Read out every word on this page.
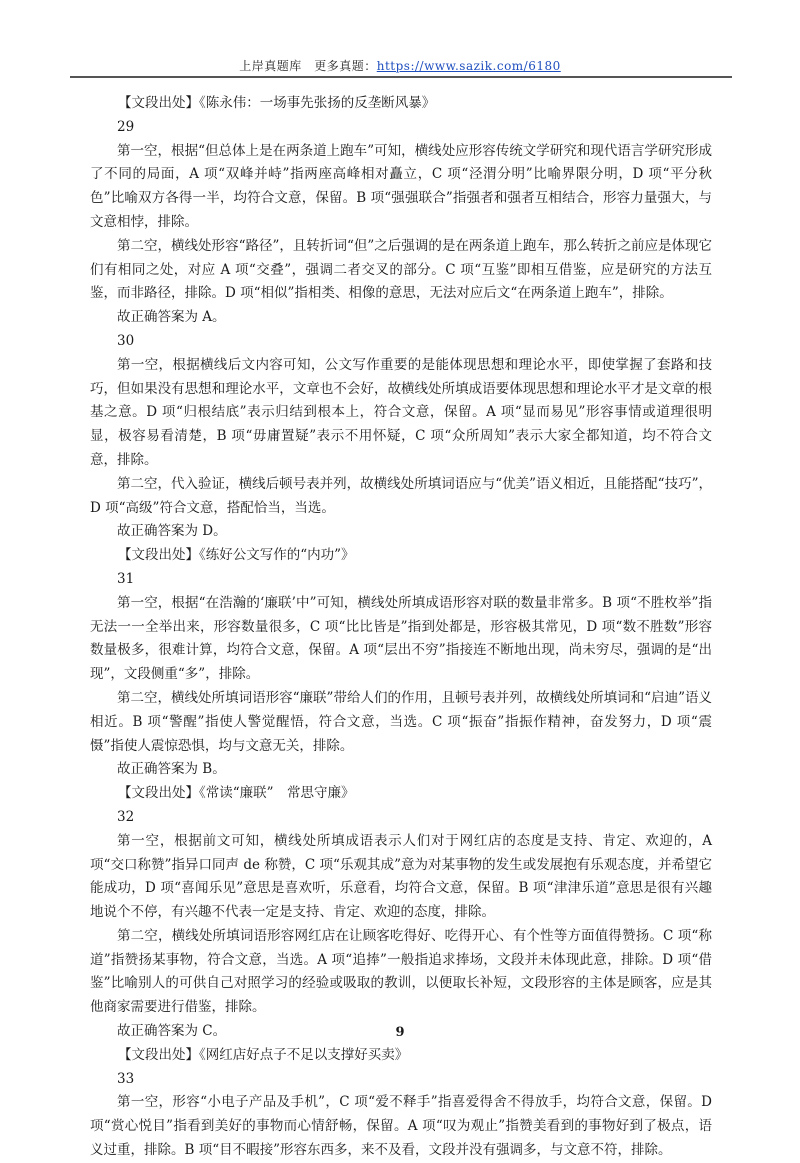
上岸真题库　更多真题：https://www.sazik.com/6180

【文段出处】《陈永伟：一场事先张扬的反垄断风暴》

29

第一空，根据“但总体上是在两条道上跑车”可知，横线处应形容传统文学研究和现代语言学研究形成了不同的局面，A 项“双峰并峙”指两座高峰相对矗立，C 项“泾渭分明”比喻界限分明，D 项“平分秋色”比喻双方各得一半，均符合文意，保留。B 项“强强联合”指强者和强者互相结合，形容力量强大，与文意相悖，排除。

第二空，横线处形容“路径”，且转折词“但”之后强调的是在两条道上跑车，那么转折之前应是体现它们有相同之处，对应 A 项“交叠”，强调二者交叉的部分。C 项“互鉴”即相互借鉴，应是研究的方法互鉴，而非路径，排除。D 项“相似”指相类、相像的意思，无法对应后文“在两条道上跑车”，排除。

故正确答案为 A。

30

第一空，根据横线后文内容可知，公文写作重要的是能体现思想和理论水平，即使掌握了套路和技巧，但如果没有思想和理论水平，文章也不会好，故横线处所填成语要体现思想和理论水平才是文章的根基之意。D 项“归根结底”表示归结到根本上，符合文意，保留。A 项“显而易见”形容事情或道理很明显，极容易看清楚，B 项“毋庸置疑”表示不用怀疑，C 项“众所周知”表示大家全都知道，均不符合文意，排除。

第二空，代入验证，横线后顿号表并列，故横线处所填词语应与“优美”语义相近，且能搭配“技巧”，D 项“高级”符合文意，搭配恰当，当选。

故正确答案为 D。

【文段出处】《练好公文写作的“内功”》

31

第一空，根据“在浩瀚的‘廉联’中”可知，横线处所填成语形容对联的数量非常多。B 项“不胜枚举”指无法一一全举出来，形容数量很多，C 项“比比皆是”指到处都是，形容极其常见，D 项“数不胜数”形容数量极多，很难计算，均符合文意，保留。A 项“层出不穷”指接连不断地出现，尚未穷尽，强调的是“出现”，文段侧重“多”，排除。

第二空，横线处所填词语形容“廉联”带给人们的作用，且顿号表并列，故横线处所填词和“启迪”语义相近。B 项“警醒”指使人警觉醒悟，符合文意，当选。C 项“振奋”指振作精神，奋发努力，D 项“震慑”指使人震惊恐惧，均与文意无关，排除。

故正确答案为 B。

【文段出处】《常读“廉联”　常思守廉》

32

第一空，根据前文可知，横线处所填成语表示人们对于网红店的态度是支持、肯定、欢迎的，A 项“交口称赞”指异口同声 de 称赞，C 项“乐观其成”意为对某事物的发生或发展抱有乐观态度，并希望它能成功，D 项“喜闻乐见”意思是喜欢听，乐意看，均符合文意，保留。B 项“津津乐道”意思是很有兴趣地说个不停，有兴趣不代表一定是支持、肯定、欢迎的态度，排除。

第二空，横线处所填词语形容网红店在让顾客吃得好、吃得开心、有个性等方面值得赞扬。C 项“称道”指赞扬某事物，符合文意，当选。A 项“追捧”一般指追求捧场，文段并未体现此意，排除。D 项“借鉴”比喻别人的可供自己对照学习的经验或吸取的教训，以便取长补短，文段形容的主体是顾客，应是其他商家需要进行借鉴，排除。

故正确答案为 C。

【文段出处】《网红店好点子不足以支撑好买卖》

33

第一空，形容“小电子产品及手机”，C 项“爱不释手”指喜爱得舍不得放手，均符合文意，保留。D 项“赏心悦目”指看到美好的事物而心情舒畅，保留。A 项“叹为观止”指赞美看到的事物好到了极点，语义过重，排除。B 项“目不暇接”形容东西多，来不及看，文段并没有强调多，与文意不符，排除。

9
